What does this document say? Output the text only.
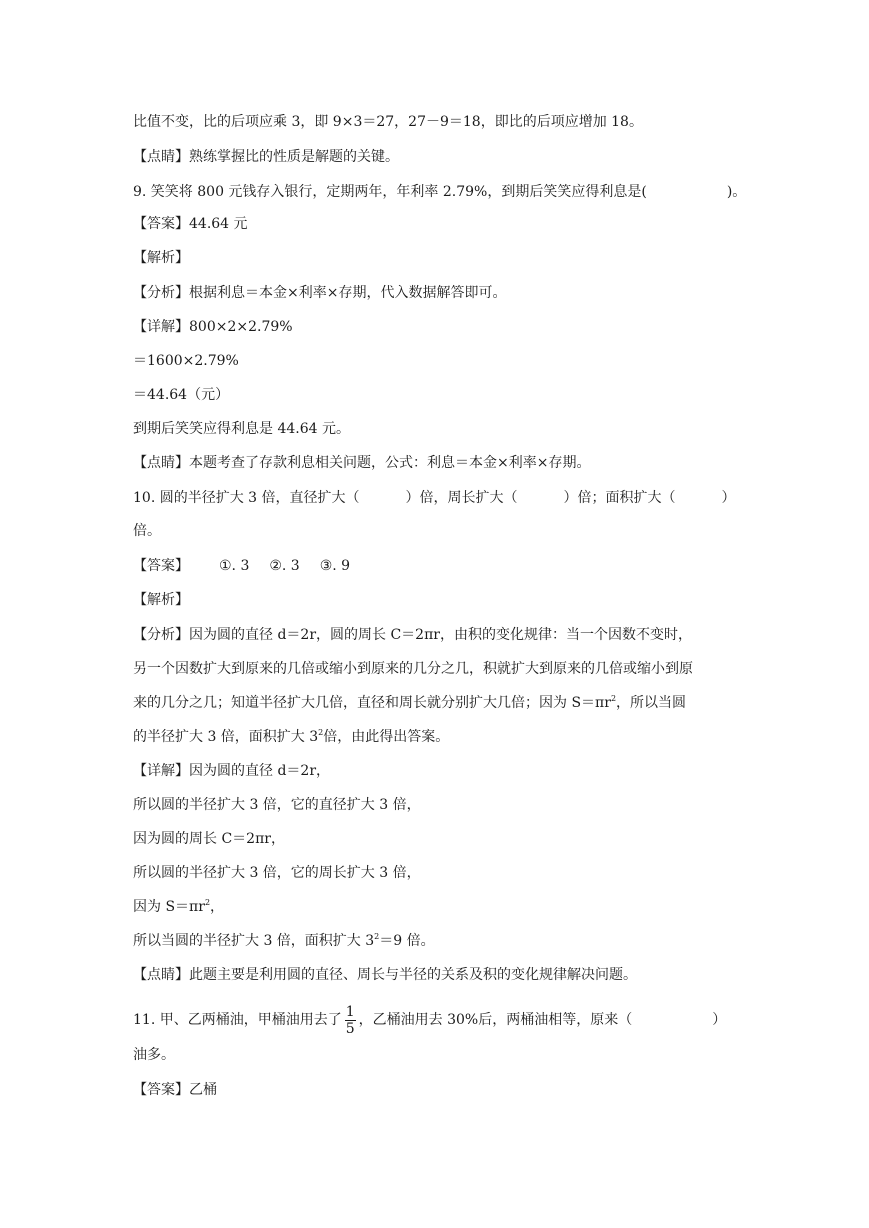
比值不变，比的后项应乘 3，即 9×3＝27，27－9＝18，即比的后项应增加 18。
【点睛】熟练掌握比的性质是解题的关键。
9. 笑笑将 800 元钱存入银行，定期两年，年利率 2.79%，到期后笑笑应得利息是(	)。
【答案】44.64 元
【解析】
【分析】根据利息＝本金×利率×存期，代入数据解答即可。
【详解】800×2×2.79%
＝1600×2.79%
＝44.64（元）
到期后笑笑应得利息是 44.64 元。
【点睛】本题考查了存款利息相关问题，公式：利息＝本金×利率×存期。
10. 圆的半径扩大 3 倍，直径扩大（	）倍，周长扩大（	）倍；面积扩大（	）
倍。
【答案】 ①. 3 ②. 3 ③. 9
【解析】
【分析】因为圆的直径 d＝2r，圆的周长 C＝2πr，由积的变化规律：当一个因数不变时，
另一个因数扩大到原来的几倍或缩小到原来的几分之几，积就扩大到原来的几倍或缩小到原
来的几分之几；知道半径扩大几倍，直径和周长就分别扩大几倍；因为 $S=\pi r^2$，所以当圆
的半径扩大 3 倍，面积扩大 $3^2$倍，由此得出答案。
【详解】因为圆的直径 d＝2r，
所以圆的半径扩大 3 倍，它的直径扩大 3 倍，
因为圆的周长 C＝2πr，
所以圆的半径扩大 3 倍，它的周长扩大 3 倍，
因为 $S=\pi r^2$，
所以当圆的半径扩大 3 倍，面积扩大 $3^2=9$ 倍。
【点睛】此题主要是利用圆的直径、周长与半径的关系及积的变化规律解决问题。
11. 甲、乙两桶油，甲桶油用去了 $\frac{1}{5}$ ，乙桶油用去 30%后，两桶油相等，原来（	）
油多。
【答案】乙桶
